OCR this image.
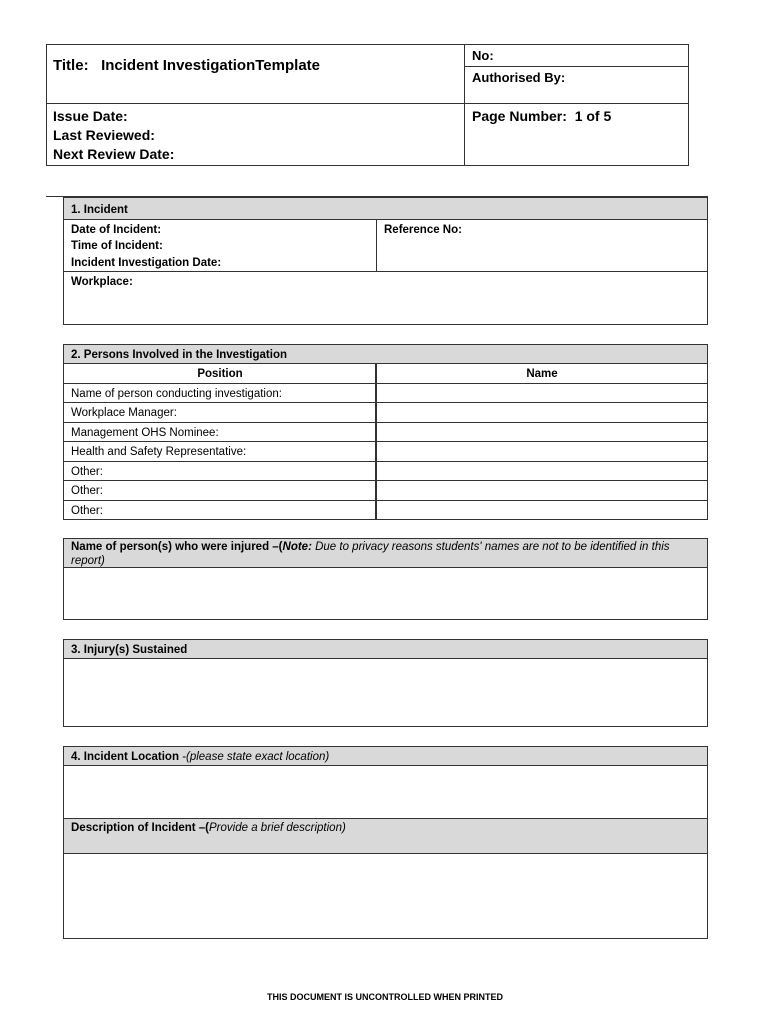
Title: Incident InvestigationTemplate
No:
Authorised By:
Issue Date:
Last Reviewed:
Next Review Date:
Page Number: 1 of 5
1. Incident
Date of Incident:
Time of Incident:
Incident Investigation Date:
Reference No:
Workplace:
2. Persons Involved in the Investigation
Position	Name
Name of person conducting investigation:
Workplace Manager:
Management OHS Nominee:
Health and Safety Representative:
Other:
Other:
Other:
Name of person(s) who were injured –(Note: Due to privacy reasons students' names are not to be identified in this report)
3. Injury(s) Sustained
4. Incident Location -(please state exact location)
Description of Incident –(Provide a brief description)
THIS DOCUMENT IS UNCONTROLLED WHEN PRINTED
